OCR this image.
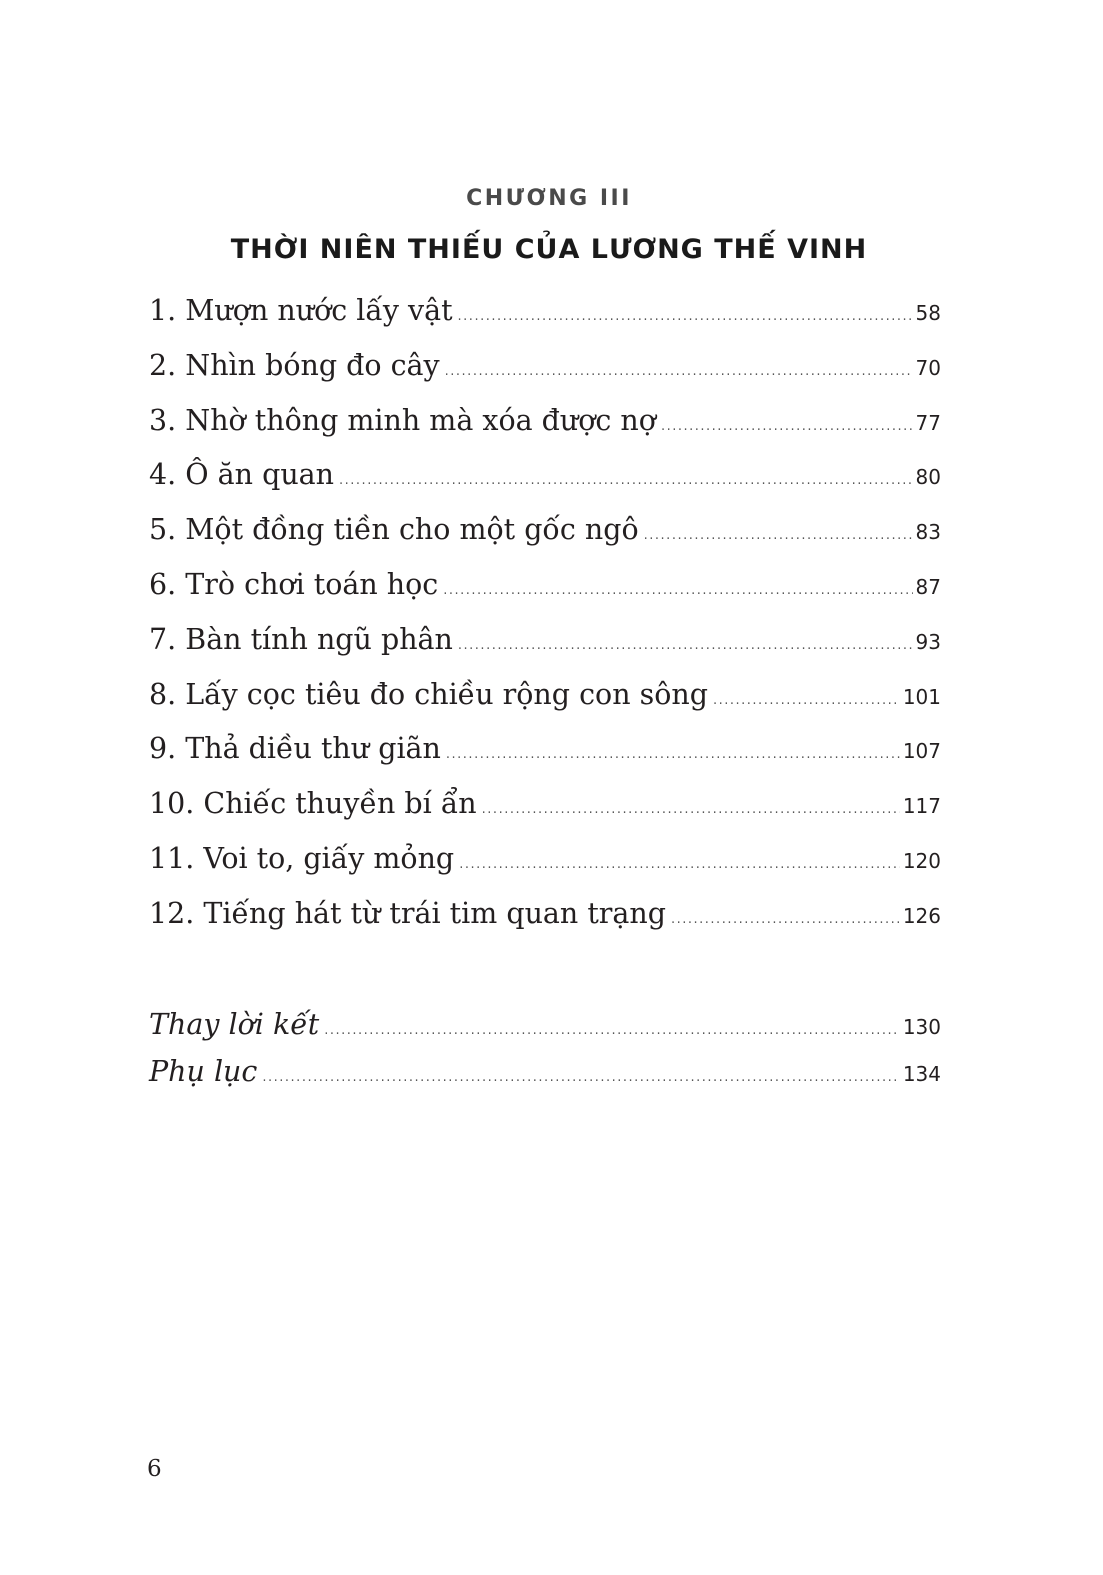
CHƯƠNG III
THỜI NIÊN THIẾU CỦA LƯƠNG THẾ VINH
1. Mượn nước lấy vật .....	58
2. Nhìn bóng đo cây .....	70
3. Nhờ thông minh mà xóa được nợ .....	77
4. Ô ăn quan .....	80
5. Một đồng tiền cho một gốc ngô .....	83
6. Trò chơi toán học .....	87
7. Bàn tính ngũ phân .....	93
8. Lấy cọc tiêu đo chiều rộng con sông .....	101
9. Thả diều thư giãn .....	107
10. Chiếc thuyền bí ẩn .....	117
11. Voi to, giấy mỏng .....	120
12. Tiếng hát từ trái tim quan trạng .....	126
Thay lời kết .....	130
Phụ lục .....	134
6
